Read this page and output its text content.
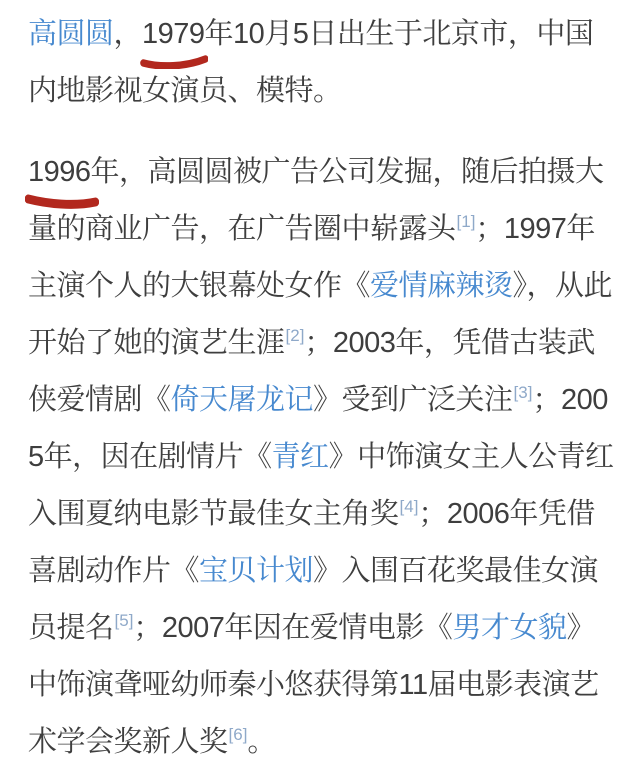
高圆圆，1979
年10月5日出生于北京市，中国内地影视女演员、模特。

1996
年，高圆圆被广告公司发掘，随后拍摄大量的商业广告，在广告圈中崭露头[1]；1997年主演个人的大银幕处女作《爱情麻辣烫》，从此开始了她的演艺生涯[2]；2003年，凭借古装武侠爱情剧《倚天屠龙记》受到广泛关注[3]；2005年，因在剧情片《青红》中饰演女主人公青红入围夏纳电影节最佳女主角奖[4]；2006年凭借喜剧动作片《宝贝计划》入围百花奖最佳女演员提名[5]；2007年因在爱情电影《男才女貌》中饰演聋哑幼师秦小悠获得第11届电影表演艺术学会奖新人奖[6]。
